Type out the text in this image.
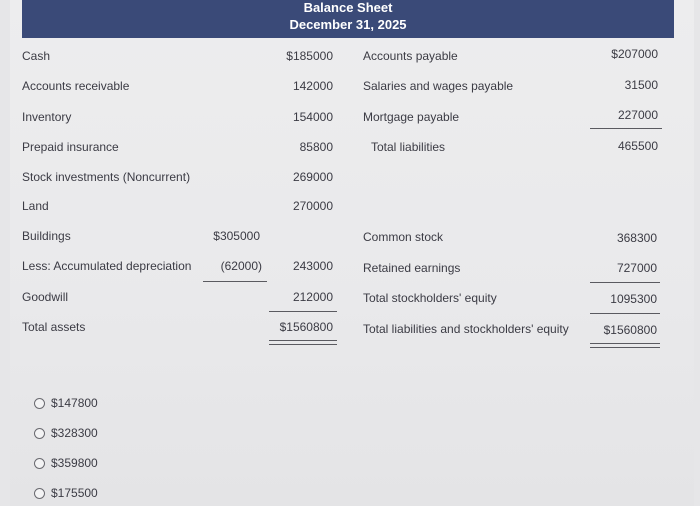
Balance Sheet
December 31, 2025
Cash
Accounts receivable
Inventory
Prepaid insurance
Stock investments (Noncurrent)
Land
Buildings
Less: Accumulated depreciation
Goodwill
Total assets
$305000
(62000)
$185000
142000
154000
85800
269000
270000
243000
212000
$1560800
Accounts payable
Salaries and wages payable
Mortgage payable
Total liabilities
$207000
31500
227000
465500
Common stock
Retained earnings
Total stockholders' equity
Total liabilities and stockholders' equity
368300
727000
1095300
$1560800
$147800
$328300
$359800
$175500
